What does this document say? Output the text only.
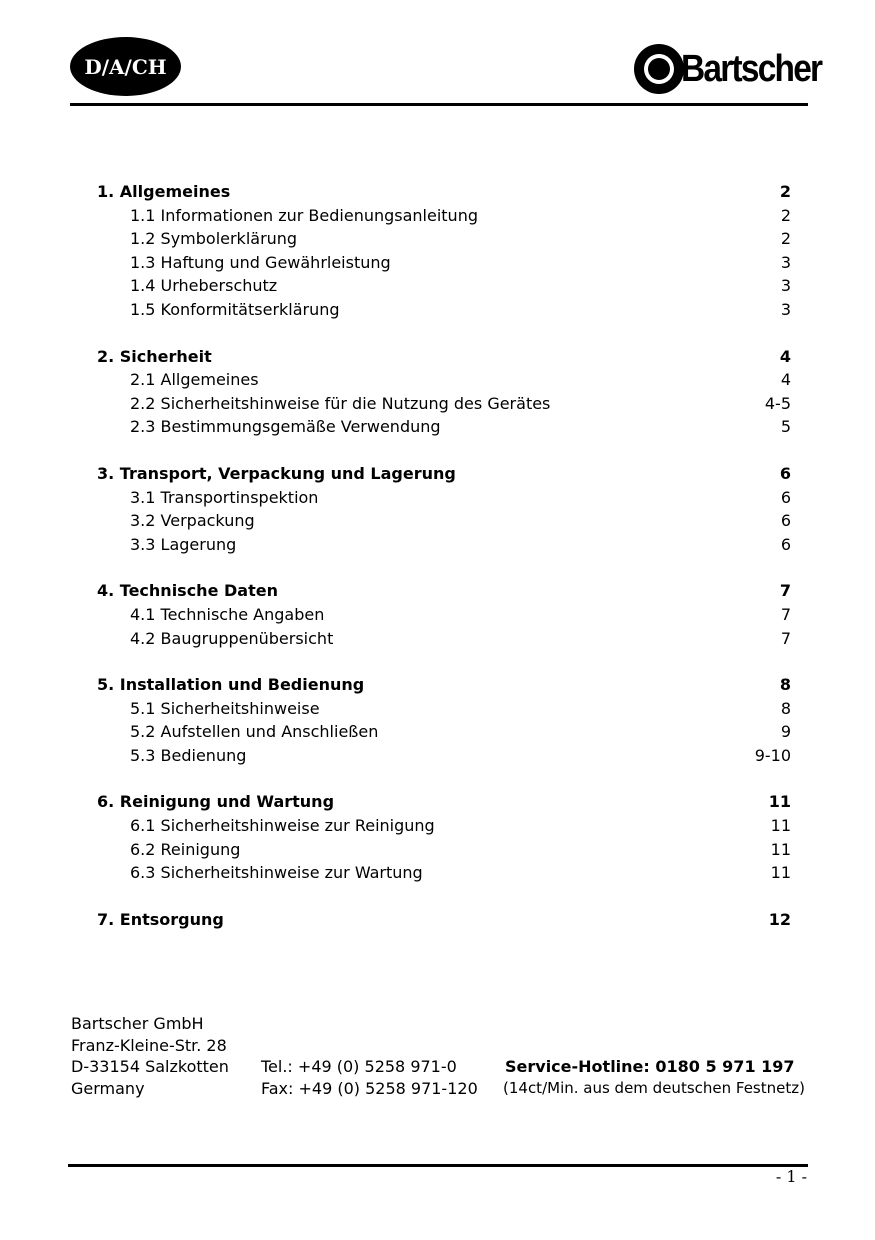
D/A/CH	Bartscher
1. Allgemeines	2
1.1 Informationen zur Bedienungsanleitung	2
1.2 Symbolerklärung	2
1.3 Haftung und Gewährleistung	3
1.4 Urheberschutz	3
1.5 Konformitätserklärung	3
2. Sicherheit	4
2.1 Allgemeines	4
2.2 Sicherheitshinweise für die Nutzung des Gerätes	4-5
2.3 Bestimmungsgemäße Verwendung	5
3. Transport, Verpackung und Lagerung	6
3.1 Transportinspektion	6
3.2 Verpackung	6
3.3 Lagerung	6
4. Technische Daten	7
4.1 Technische Angaben	7
4.2 Baugruppenübersicht	7
5. Installation und Bedienung	8
5.1 Sicherheitshinweise	8
5.2 Aufstellen und Anschließen	9
5.3 Bedienung	9-10
6. Reinigung und Wartung	11
6.1 Sicherheitshinweise zur Reinigung	11
6.2 Reinigung	11
6.3 Sicherheitshinweise zur Wartung	11
7. Entsorgung	12
Bartscher GmbH
Franz-Kleine-Str. 28
D-33154 Salzkotten
Germany
Tel.: +49 (0) 5258 971-0
Fax: +49 (0) 5258 971-120
Service-Hotline: 0180 5 971 197
(14ct/Min. aus dem deutschen Festnetz)
- 1 -
